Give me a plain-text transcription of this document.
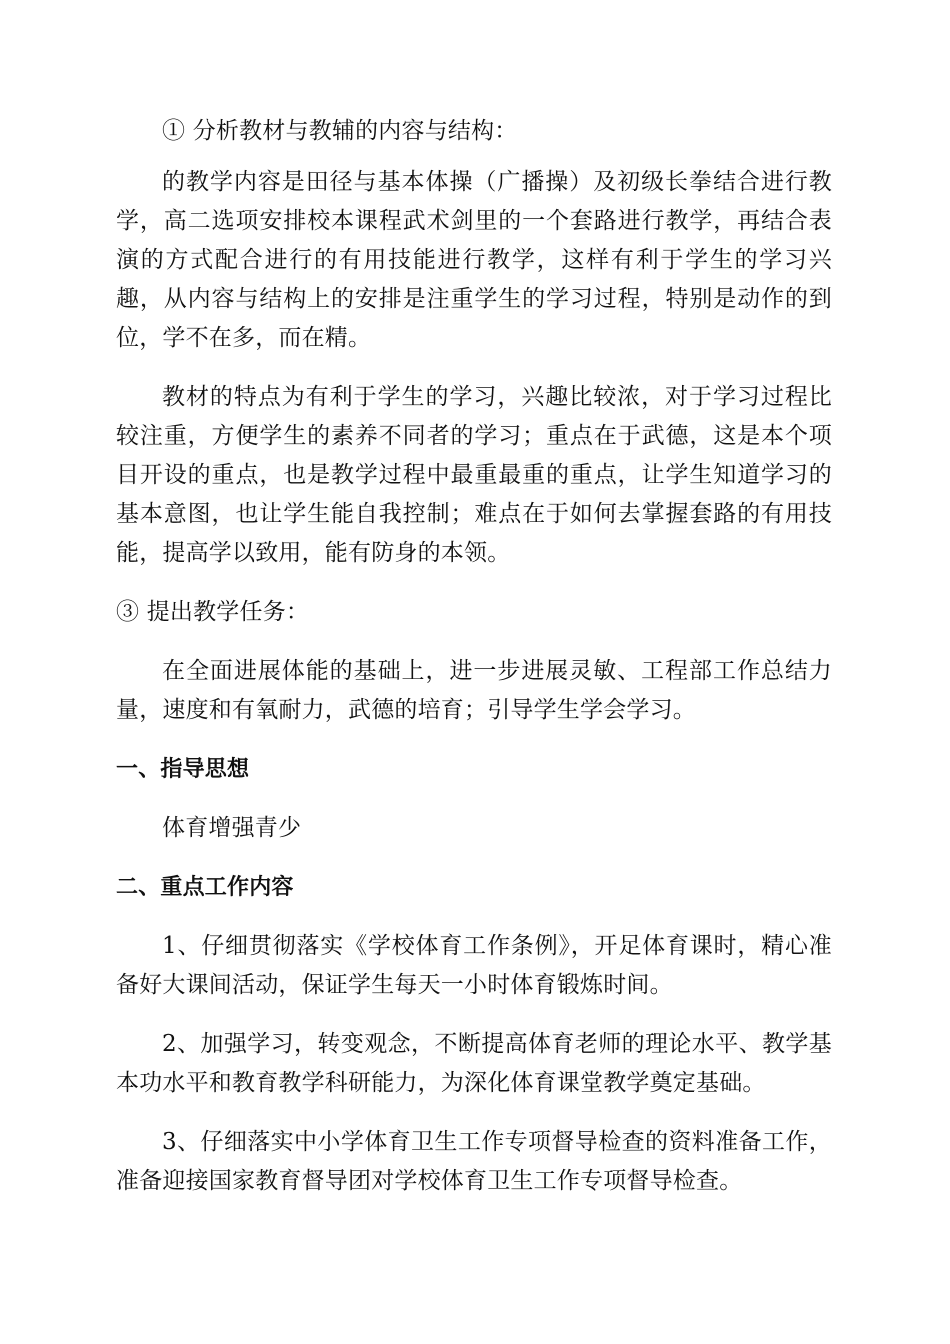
① 分析教材与教辅的内容与结构：

的教学内容是田径与基本体操（广播操）及初级长拳结合进行教学，高二选项安排校本课程武术剑里的一个套路进行教学，再结合表演的方式配合进行的有用技能进行教学，这样有利于学生的学习兴趣，从内容与结构上的安排是注重学生的学习过程，特别是动作的到位，学不在多，而在精。

教材的特点为有利于学生的学习，兴趣比较浓，对于学习过程比较注重，方便学生的素养不同者的学习；重点在于武德，这是本个项目开设的重点，也是教学过程中最重最重的重点，让学生知道学习的基本意图，也让学生能自我控制；难点在于如何去掌握套路的有用技能，提高学以致用，能有防身的本领。

③ 提出教学任务：

在全面进展体能的基础上，进一步进展灵敏、工程部工作总结力量，速度和有氧耐力，武德的培育；引导学生学会学习。

一、指导思想

体育增强青少

二、重点工作内容

1、仔细贯彻落实《学校体育工作条例》，开足体育课时，精心准备好大课间活动，保证学生每天一小时体育锻炼时间。

2、加强学习，转变观念，不断提高体育老师的理论水平、教学基本功水平和教育教学科研能力，为深化体育课堂教学奠定基础。

3、仔细落实中小学体育卫生工作专项督导检查的资料准备工作，准备迎接国家教育督导团对学校体育卫生工作专项督导检查。
